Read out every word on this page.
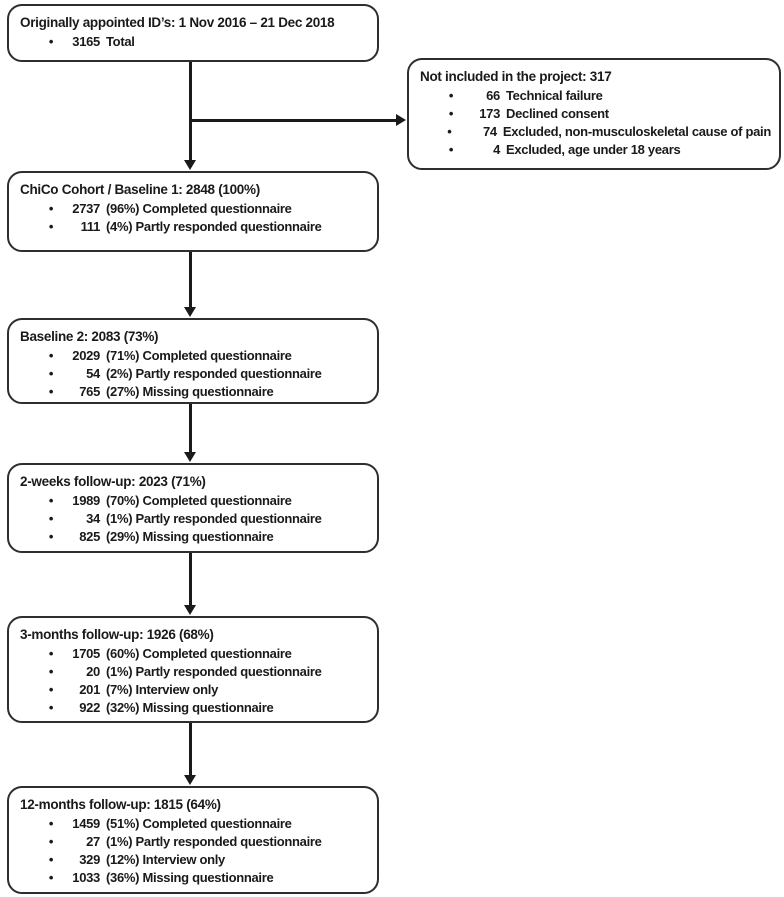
Originally appointed ID’s: 1 Nov 2016 – 21 Dec 2018
•
3165 Total
Not included in the project: 317
•
66 Technical failure
•
173 Declined consent
•
74 Excluded, non-musculoskeletal cause of pain
•
4 Excluded, age under 18 years
ChiCo Cohort / Baseline 1: 2848 (100%)
•
2737 (96%) Completed questionnaire
•
111 (4%) Partly responded questionnaire
Baseline 2: 2083 (73%)
•
2029 (71%) Completed questionnaire
•
54 (2%) Partly responded questionnaire
•
765 (27%) Missing questionnaire
2-weeks follow-up: 2023 (71%)
•
1989 (70%) Completed questionnaire
•
34 (1%) Partly responded questionnaire
•
825 (29%) Missing questionnaire
3-months follow-up: 1926 (68%)
•
1705 (60%) Completed questionnaire
•
20 (1%) Partly responded questionnaire
•
201 (7%) Interview only
•
922 (32%) Missing questionnaire
12-months follow-up: 1815 (64%)
•
1459 (51%) Completed questionnaire
•
27 (1%) Partly responded questionnaire
•
329 (12%) Interview only
•
1033 (36%) Missing questionnaire
